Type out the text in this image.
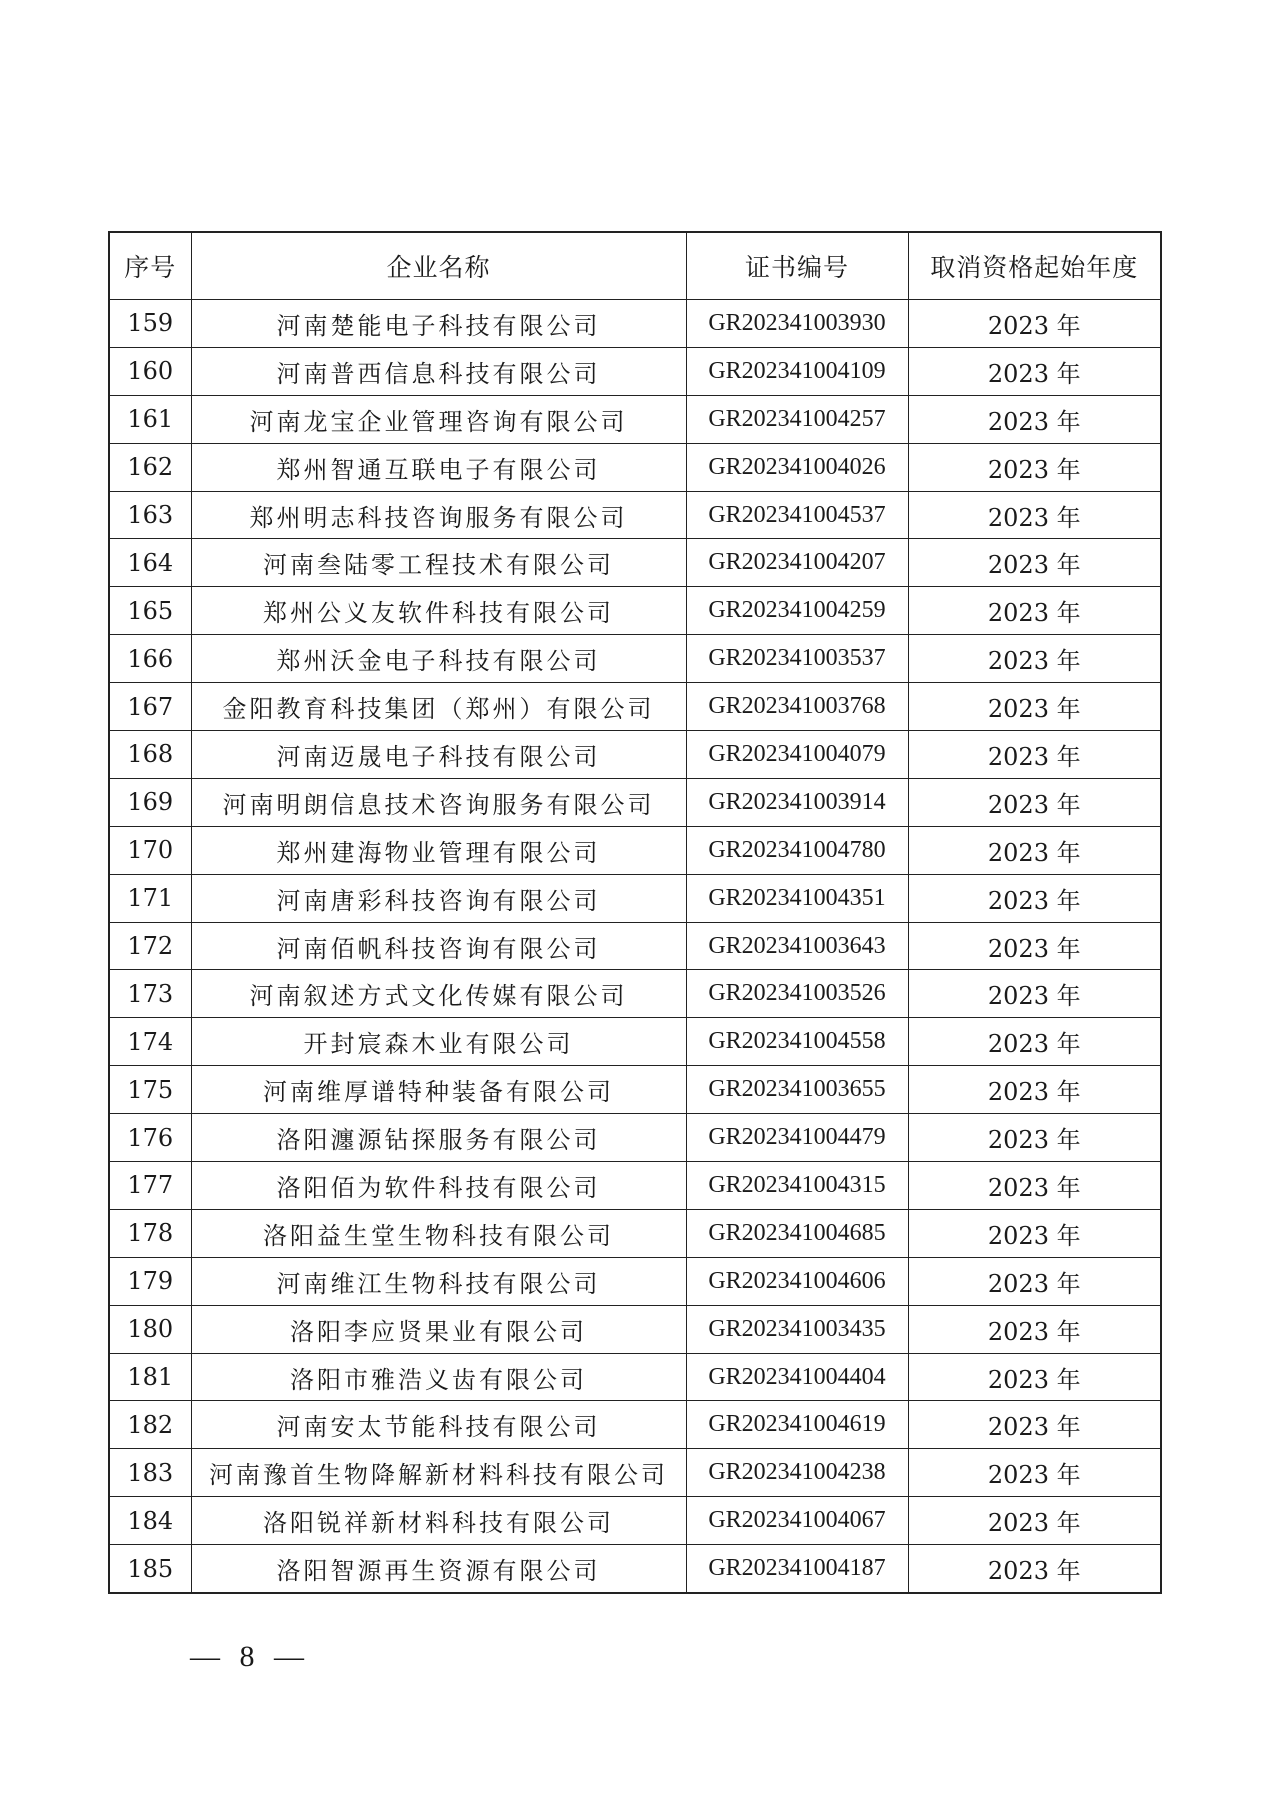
序号	企业名称	证书编号	取消资格起始年度
159	河南楚能电子科技有限公司	GR202341003930	2023 年
160	河南普西信息科技有限公司	GR202341004109	2023 年
161	河南龙宝企业管理咨询有限公司	GR202341004257	2023 年
162	郑州智通互联电子有限公司	GR202341004026	2023 年
163	郑州明志科技咨询服务有限公司	GR202341004537	2023 年
164	河南叁陆零工程技术有限公司	GR202341004207	2023 年
165	郑州公义友软件科技有限公司	GR202341004259	2023 年
166	郑州沃金电子科技有限公司	GR202341003537	2023 年
167	金阳教育科技集团（郑州）有限公司	GR202341003768	2023 年
168	河南迈晟电子科技有限公司	GR202341004079	2023 年
169	河南明朗信息技术咨询服务有限公司	GR202341003914	2023 年
170	郑州建海物业管理有限公司	GR202341004780	2023 年
171	河南唐彩科技咨询有限公司	GR202341004351	2023 年
172	河南佰帆科技咨询有限公司	GR202341003643	2023 年
173	河南叙述方式文化传媒有限公司	GR202341003526	2023 年
174	开封宸森木业有限公司	GR202341004558	2023 年
175	河南维厚谱特种装备有限公司	GR202341003655	2023 年
176	洛阳瀍源钻探服务有限公司	GR202341004479	2023 年
177	洛阳佰为软件科技有限公司	GR202341004315	2023 年
178	洛阳益生堂生物科技有限公司	GR202341004685	2023 年
179	河南维江生物科技有限公司	GR202341004606	2023 年
180	洛阳李应贤果业有限公司	GR202341003435	2023 年
181	洛阳市雅浩义齿有限公司	GR202341004404	2023 年
182	河南安太节能科技有限公司	GR202341004619	2023 年
183	河南豫首生物降解新材料科技有限公司	GR202341004238	2023 年
184	洛阳锐祥新材料科技有限公司	GR202341004067	2023 年
185	洛阳智源再生资源有限公司	GR202341004187	2023 年
— 8 —
